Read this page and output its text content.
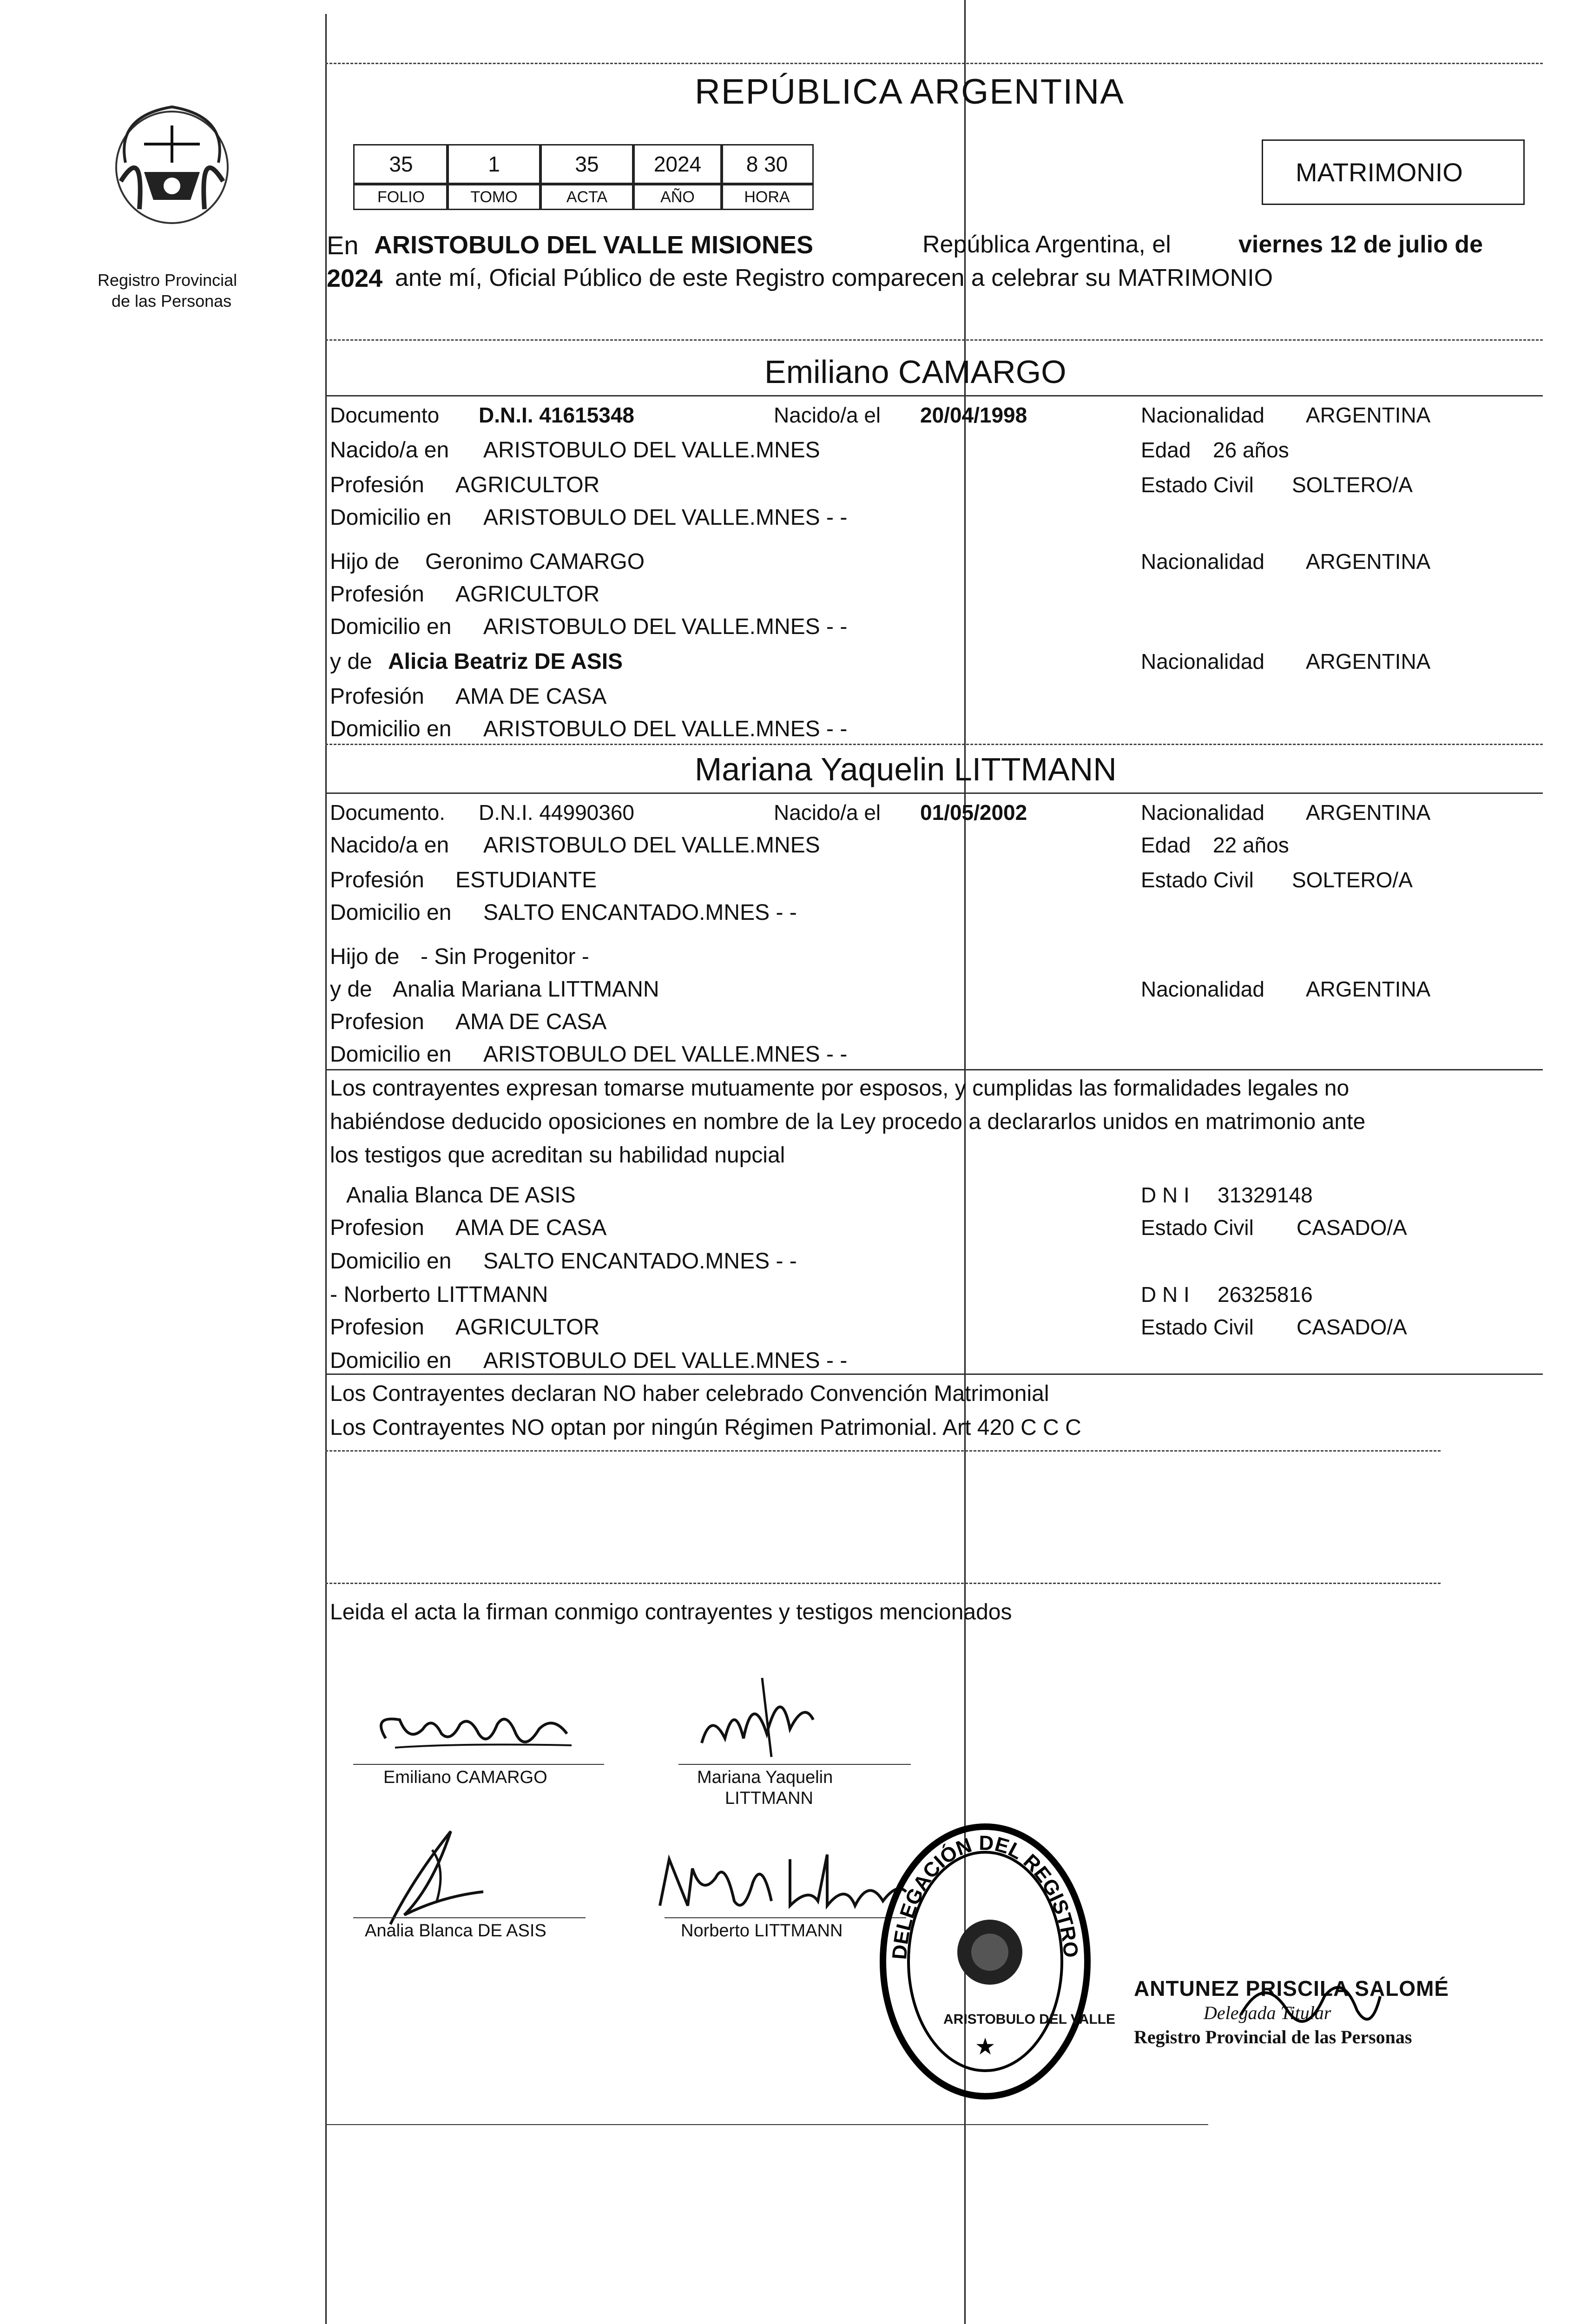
Registro Provincial
de las Personas
REPÚBLICA ARGENTINA
MATRIMONIO
35	1	35	2024	8 30
FOLIO	TOMO	ACTA	AÑO	HORA
En ARISTOBULO DEL VALLE MISIONES	República Argentina, el	viernes 12 de julio de
2024 ante mí, Oficial Público de este Registro comparecen a celebrar su MATRIMONIO
Emiliano CAMARGO
Documento D.N.I. 41615348	Nacido/a el 20/04/1998	Nacionalidad ARGENTINA
Nacido/a en ARISTOBULO DEL VALLE.MNES	Edad 26 años
Profesión AGRICULTOR	Estado Civil SOLTERO/A
Domicilio en ARISTOBULO DEL VALLE.MNES - -
Hijo de Geronimo CAMARGO	Nacionalidad ARGENTINA
Profesión AGRICULTOR
Domicilio en ARISTOBULO DEL VALLE.MNES - -
y de Alicia Beatriz DE ASIS	Nacionalidad ARGENTINA
Profesión AMA DE CASA
Domicilio en ARISTOBULO DEL VALLE.MNES - -
Mariana Yaquelin LITTMANN
Documento. D.N.I. 44990360	Nacido/a el 01/05/2002	Nacionalidad ARGENTINA
Nacido/a en ARISTOBULO DEL VALLE.MNES	Edad 22 años
Profesión ESTUDIANTE	Estado Civil SOLTERO/A
Domicilio en SALTO ENCANTADO.MNES - -
Hijo de - Sin Progenitor -
y de Analia Mariana LITTMANN	Nacionalidad ARGENTINA
Profesion AMA DE CASA
Domicilio en ARISTOBULO DEL VALLE.MNES - -
Los contrayentes expresan tomarse mutuamente por esposos, y cumplidas las formalidades legales no
habiéndose deducido oposiciones en nombre de la Ley procedo a declararlos unidos en matrimonio ante
los testigos que acreditan su habilidad nupcial
Analia Blanca DE ASIS	D N I 31329148
Profesion AMA DE CASA	Estado Civil CASADO/A
Domicilio en SALTO ENCANTADO.MNES - -
- Norberto LITTMANN	D N I 26325816
Profesion AGRICULTOR	Estado Civil CASADO/A
Domicilio en ARISTOBULO DEL VALLE.MNES - -
Los Contrayentes declaran NO haber celebrado Convención Matrimonial
Los Contrayentes NO optan por ningún Régimen Patrimonial. Art 420 C C C
Leida el acta la firman conmigo contrayentes y testigos mencionados
Emiliano CAMARGO	Mariana Yaquelin
LITTMANN
Analia Blanca DE ASIS	Norberto LITTMANN
DELEGACIÓN DEL REGISTRO
★
ARISTOBULO DEL VALLE
ANTUNEZ PRISCILA SALOMÉ
Delegada Titular
Registro Provincial de las Personas
